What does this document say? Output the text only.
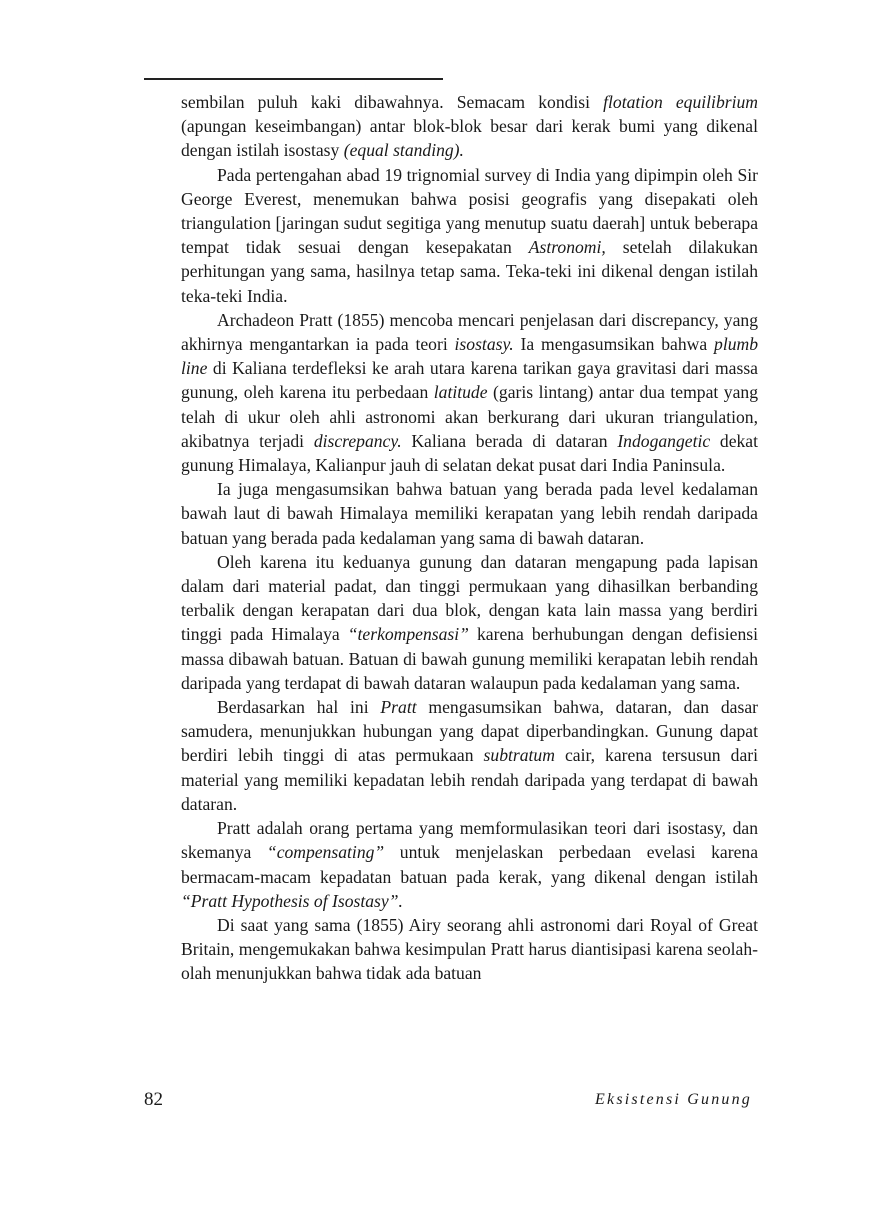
sembilan puluh kaki dibawahnya. Semacam kondisi flotation equilibrium (apungan keseimbangan) antar blok-blok besar dari kerak bumi yang dikenal dengan istilah isostasy (equal standing).

Pada pertengahan abad 19 trignomial survey di India yang dipimpin oleh Sir George Everest, menemukan bahwa posisi geografis yang disepakati oleh triangulation [jaringan sudut segitiga yang menutup suatu daerah] untuk beberapa tempat tidak sesuai dengan kesepakatan Astronomi, setelah dilakukan perhitungan yang sama, hasilnya tetap sama. Teka-teki ini dikenal dengan istilah teka-teki India.

Archadeon Pratt (1855) mencoba mencari penjelasan dari discrepancy, yang akhirnya mengantarkan ia pada teori isostasy. Ia mengasumsikan bahwa plumb line di Kaliana terdefleksi ke arah utara karena tarikan gaya gravitasi dari massa gunung, oleh karena itu perbedaan latitude (garis lintang) antar dua tempat yang telah di ukur oleh ahli astronomi akan berkurang dari ukuran triangulation, akibatnya terjadi discrepancy. Kaliana berada di dataran Indogangetic dekat gunung Himalaya, Kalianpur jauh di selatan dekat pusat dari India Paninsula.

Ia juga mengasumsikan bahwa batuan yang berada pada level kedalaman bawah laut di bawah Himalaya memiliki kerapatan yang lebih rendah daripada batuan yang berada pada kedalaman yang sama di bawah dataran.

Oleh karena itu keduanya gunung dan dataran mengapung pada lapisan dalam dari material padat, dan tinggi permukaan yang dihasilkan berbanding terbalik dengan kerapatan dari dua blok, dengan kata lain massa yang berdiri tinggi pada Himalaya “terkompensasi” karena berhubungan dengan defisiensi massa dibawah batuan. Batuan di bawah gunung memiliki kerapatan lebih rendah daripada yang terdapat di bawah dataran walaupun pada kedalaman yang sama.

Berdasarkan hal ini Pratt mengasumsikan bahwa, dataran, dan dasar samudera, menunjukkan hubungan yang dapat diperbandingkan. Gunung dapat berdiri lebih tinggi di atas permukaan subtratum cair, karena tersusun dari material yang memiliki kepadatan lebih rendah daripada yang terdapat di bawah dataran.

Pratt adalah orang pertama yang memformulasikan teori dari isostasy, dan skemanya “compensating” untuk menjelaskan perbedaan evelasi karena bermacam-macam kepadatan batuan pada kerak, yang dikenal dengan istilah “Pratt Hypothesis of Isostasy”.

Di saat yang sama (1855) Airy seorang ahli astronomi dari Royal of Great Britain, mengemukakan bahwa kesimpulan Pratt harus diantisipasi karena seolah-olah menunjukkan bahwa tidak ada batuan

82	Eksistensi Gunung
